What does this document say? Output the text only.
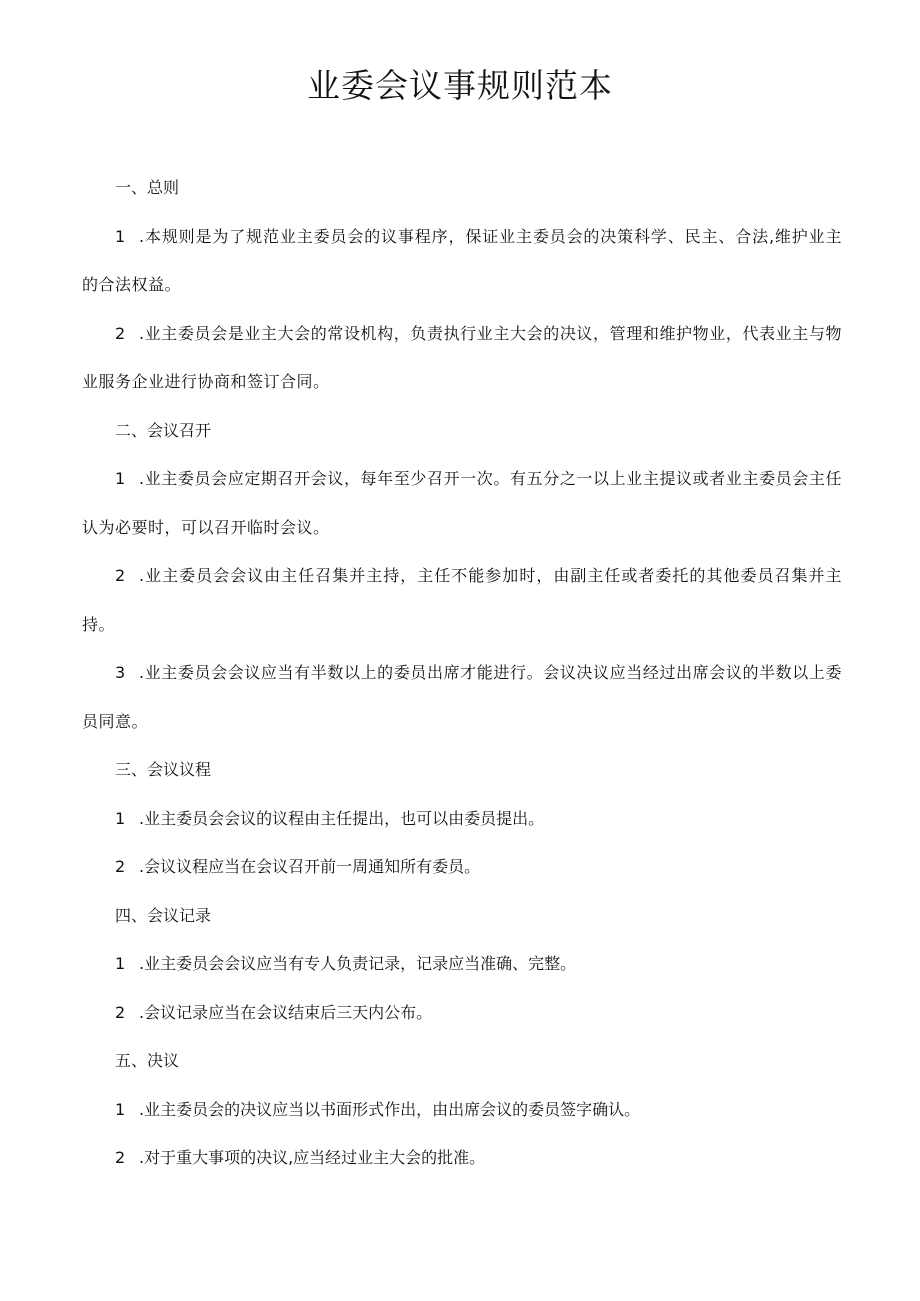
业委会议事规则范本

一、总则

1 .本规则是为了规范业主委员会的议事程序，保证业主委员会的决策科学、民主、合法,维护业主的合法权益。

2 .业主委员会是业主大会的常设机构，负责执行业主大会的决议，管理和维护物业，代表业主与物业服务企业进行协商和签订合同。

二、会议召开

1 .业主委员会应定期召开会议，每年至少召开一次。有五分之一以上业主提议或者业主委员会主任认为必要时，可以召开临时会议。

2 .业主委员会会议由主任召集并主持，主任不能参加时，由副主任或者委托的其他委员召集并主持。

3 .业主委员会会议应当有半数以上的委员出席才能进行。会议决议应当经过出席会议的半数以上委员同意。

三、会议议程

1 .业主委员会会议的议程由主任提出，也可以由委员提出。

2 .会议议程应当在会议召开前一周通知所有委员。

四、会议记录

1 .业主委员会会议应当有专人负责记录，记录应当准确、完整。

2 .会议记录应当在会议结束后三天内公布。

五、决议

1 .业主委员会的决议应当以书面形式作出，由出席会议的委员签字确认。

2 .对于重大事项的决议,应当经过业主大会的批准。
